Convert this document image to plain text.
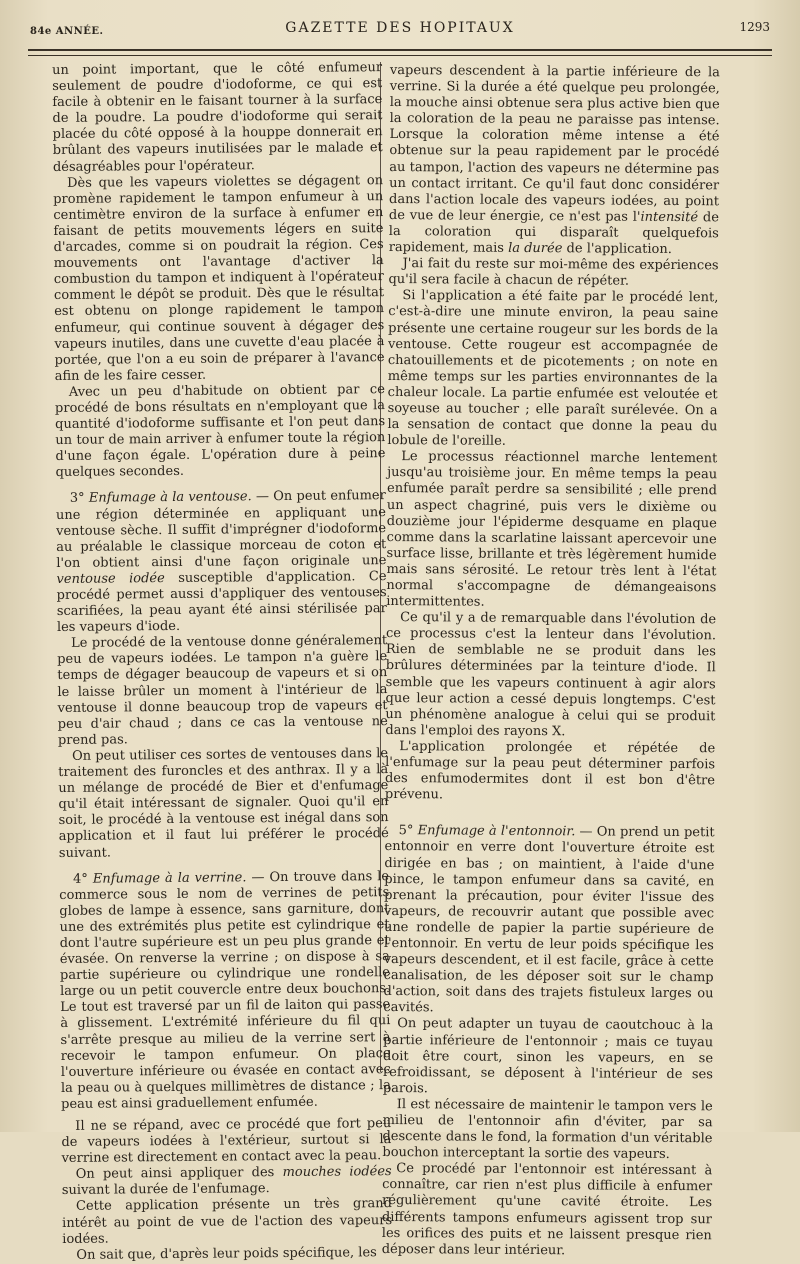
84e ANNÉE.	GAZETTE DES HOPITAUX	1293

un point important, que le côté enfumeur seulement de poudre d'iodoforme, ce qui est facile à obtenir en le faisant tourner à la surface de la poudre. La poudre d'iodoforme qui serait placée du côté opposé à la houppe donnerait en brûlant des vapeurs inutilisées par le malade et désagréables pour l'opérateur.

Dès que les vapeurs violettes se dégagent on promène rapidement le tampon enfumeur à un centimètre environ de la surface à enfumer en faisant de petits mouvements légers en suite d'arcades, comme si on poudrait la région. Ces mouvements ont l'avantage d'activer la combustion du tampon et indiquent à l'opérateur comment le dépôt se produit. Dès que le résultat est obtenu on plonge rapidement le tampon enfumeur, qui continue souvent à dégager des vapeurs inutiles, dans une cuvette d'eau placée à portée, que l'on a eu soin de préparer à l'avance afin de les faire cesser.

Avec un peu d'habitude on obtient par ce procédé de bons résultats en n'employant que la quantité d'iodoforme suffisante et l'on peut dans un tour de main arriver à enfumer toute la région d'une façon égale. L'opération dure à peine quelques secondes.

3° Enfumage à la ventouse. — On peut enfumer une région déterminée en appliquant une ventouse sèche. Il suffit d'imprégner d'iodoforme au préalable le classique morceau de coton et l'on obtient ainsi d'une façon originale une ventouse iodée susceptible d'application. Ce procédé permet aussi d'appliquer des ventouses scarifiées, la peau ayant été ainsi stérilisée par les vapeurs d'iode.

Le procédé de la ventouse donne généralement peu de vapeurs iodées. Le tampon n'a guère le temps de dégager beaucoup de vapeurs et si on le laisse brûler un moment à l'intérieur de la ventouse il donne beaucoup trop de vapeurs et peu d'air chaud ; dans ce cas la ventouse ne prend pas.

On peut utiliser ces sortes de ventouses dans le traitement des furoncles et des anthrax. Il y a là un mélange de procédé de Bier et d'enfumage qu'il était intéressant de signaler. Quoi qu'il en soit, le procédé à la ventouse est inégal dans son application et il faut lui préférer le procédé suivant.

4° Enfumage à la verrine. — On trouve dans le commerce sous le nom de verrines de petits globes de lampe à essence, sans garniture, dont une des extrémités plus petite est cylindrique et dont l'autre supérieure est un peu plus grande et évasée. On renverse la verrine ; on dispose à sa partie supérieure ou cylindrique une rondelle large ou un petit couvercle entre deux bouchons. Le tout est traversé par un fil de laiton qui passe à glissement. L'extrémité inférieure du fil qui s'arrête presque au milieu de la verrine sert à recevoir le tampon enfumeur. On place l'ouverture inférieure ou évasée en contact avec la peau ou à quelques millimètres de distance ; la peau est ainsi graduellement enfumée.

Il ne se répand, avec ce procédé que fort peu de vapeurs iodées à l'extérieur, surtout si la verrine est directement en contact avec la peau.

On peut ainsi appliquer des mouches iodées suivant la durée de l'enfumage.

Cette application présente un très grand intérêt au point de vue de l'action des vapeurs iodées.

On sait que, d'après leur poids spécifique, les

vapeurs descendent à la partie inférieure de la verrine. Si la durée a été quelque peu prolongée, la mouche ainsi obtenue sera plus active bien que la coloration de la peau ne paraisse pas intense. Lorsque la coloration même intense a été obtenue sur la peau rapidement par le procédé au tampon, l'action des vapeurs ne détermine pas un contact irritant. Ce qu'il faut donc considérer dans l'action locale des vapeurs iodées, au point de vue de leur énergie, ce n'est pas l'intensité de la coloration qui disparaît quelquefois rapidement, mais la durée de l'application.

J'ai fait du reste sur moi-même des expériences qu'il sera facile à chacun de répéter.

Si l'application a été faite par le procédé lent, c'est-à-dire une minute environ, la peau saine présente une certaine rougeur sur les bords de la ventouse. Cette rougeur est accompagnée de chatouillements et de picotements ; on note en même temps sur les parties environnantes de la chaleur locale. La partie enfumée est veloutée et soyeuse au toucher ; elle paraît surélevée. On a la sensation de contact que donne la peau du lobule de l'oreille.

Le processus réactionnel marche lentement jusqu'au troisième jour. En même temps la peau enfumée paraît perdre sa sensibilité ; elle prend un aspect chagriné, puis vers le dixième ou douzième jour l'épiderme desquame en plaque comme dans la scarlatine laissant apercevoir une surface lisse, brillante et très légèrement humide mais sans sérosité. Le retour très lent à l'état normal s'accompagne de démangeaisons intermittentes.

Ce qu'il y a de remarquable dans l'évolution de ce processus c'est la lenteur dans l'évolution. Rien de semblable ne se produit dans les brûlures déterminées par la teinture d'iode. Il semble que les vapeurs continuent à agir alors que leur action a cessé depuis longtemps. C'est un phénomène analogue à celui qui se produit dans l'emploi des rayons X.

L'application prolongée et répétée de l'enfumage sur la peau peut déterminer parfois des enfumodermites dont il est bon d'être prévenu.

5° Enfumage à l'entonnoir. — On prend un petit entonnoir en verre dont l'ouverture étroite est dirigée en bas ; on maintient, à l'aide d'une pince, le tampon enfumeur dans sa cavité, en prenant la précaution, pour éviter l'issue des vapeurs, de recouvrir autant que possible avec une rondelle de papier la partie supérieure de l'entonnoir. En vertu de leur poids spécifique les vapeurs descendent, et il est facile, grâce à cette canalisation, de les déposer soit sur le champ d'action, soit dans des trajets fistuleux larges ou cavités.

On peut adapter un tuyau de caoutchouc à la partie inférieure de l'entonnoir ; mais ce tuyau doit être court, sinon les vapeurs, en se refroidissant, se déposent à l'intérieur de ses parois.

Il est nécessaire de maintenir le tampon vers le milieu de l'entonnoir afin d'éviter, par sa descente dans le fond, la formation d'un véritable bouchon interceptant la sortie des vapeurs.

Ce procédé par l'entonnoir est intéressant à connaître, car rien n'est plus difficile à enfumer régulièrement qu'une cavité étroite. Les différents tampons enfumeurs agissent trop sur les orifices des puits et ne laissent presque rien déposer dans leur intérieur.
